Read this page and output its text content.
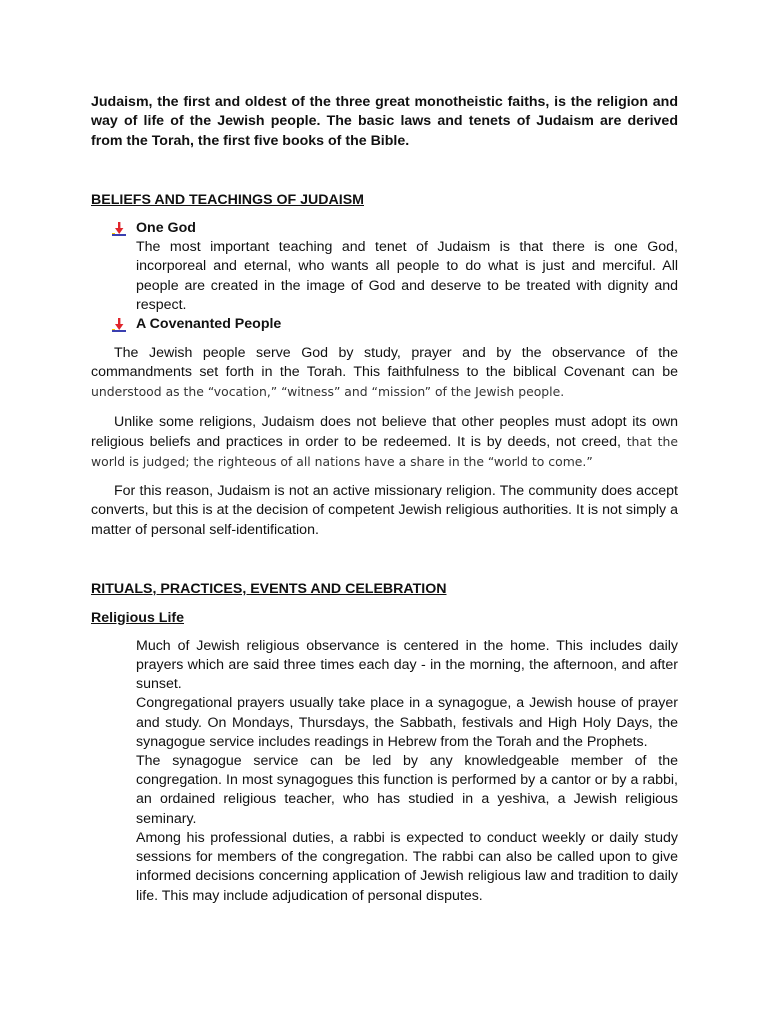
Judaism, the first and oldest of the three great monotheistic faiths, is the religion and way of life of the Jewish people. The basic laws and tenets of Judaism are derived from the Torah, the first five books of the Bible.

BELIEFS AND TEACHINGS OF JUDAISM

One God

The most important teaching and tenet of Judaism is that there is one God, incorporeal and eternal, who wants all people to do what is just and merciful. All people are created in the image of God and deserve to be treated with dignity and respect.

A Covenanted People

The Jewish people serve God by study, prayer and by the observance of the commandments set forth in the Torah. This faithfulness to the biblical Covenant can be understood as the “vocation,” “witness” and “mission” of the Jewish people.

Unlike some religions, Judaism does not believe that other peoples must adopt its own religious beliefs and practices in order to be redeemed. It is by deeds, not creed, that the world is judged; the righteous of all nations have a share in the “world to come.”

For this reason, Judaism is not an active missionary religion. The community does accept converts, but this is at the decision of competent Jewish religious authorities. It is not simply a matter of personal self-identification.

RITUALS, PRACTICES, EVENTS AND CELEBRATION

Religious Life

Much of Jewish religious observance is centered in the home. This includes daily prayers which are said three times each day - in the morning, the afternoon, and after sunset.

Congregational prayers usually take place in a synagogue, a Jewish house of prayer and study. On Mondays, Thursdays, the Sabbath, festivals and High Holy Days, the synagogue service includes readings in Hebrew from the Torah and the Prophets.

The synagogue service can be led by any knowledgeable member of the congregation. In most synagogues this function is performed by a cantor or by a rabbi, an ordained religious teacher, who has studied in a yeshiva, a Jewish religious seminary.

Among his professional duties, a rabbi is expected to conduct weekly or daily study sessions for members of the congregation. The rabbi can also be called upon to give informed decisions concerning application of Jewish religious law and tradition to daily life. This may include adjudication of personal disputes.
